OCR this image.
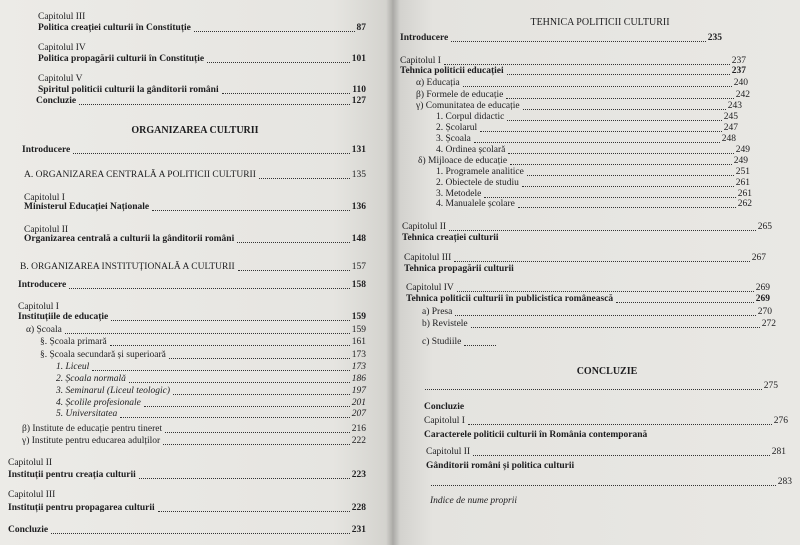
Capitolul III
Politica creației culturii în Constituție	87
Capitolul IV
Politica propagării culturii în Constituție	101
Capitolul V
Spiritul politicii culturii la gânditorii români	110
Concluzie	127
ORGANIZAREA CULTURII
Introducere	131
A. ORGANIZAREA CENTRALĂ A POLITICII CULTURII	135
Capitolul I
Ministerul Educației Naționale	136
Capitolul II
Organizarea centrală a culturii la gânditorii români	148
B. ORGANIZAREA INSTITUȚIONALĂ A CULTURII	157
Introducere	158
Capitolul I
Instituțiile de educație	159
α) Școala	159
§. Școala primară	161
§. Școala secundară și superioară	173
1. Liceul	173
2. Școala normală	186
3. Seminarul (Liceul teologic)	197
4. Școlile profesionale	201
5. Universitatea	207
β) Institute de educație pentru tineret	216
γ) Institute pentru educarea adulților	222
Capitolul II
Instituții pentru creația culturii	223
Capitolul III
Instituții pentru propagarea culturii	228
Concluzie	231
TEHNICA POLITICII CULTURII
Introducere	235
Capitolul I	237
Tehnica politicii educației	237
α) Educația	240
β) Formele de educație	242
γ) Comunitatea de educație	243
1. Corpul didactic	245
2. Școlarul	247
3. Școala	248
4. Ordinea școlară	249
δ) Mijloace de educație	249
1. Programele analitice	251
2. Obiectele de studiu	261
3. Metodele	261
4. Manualele școlare	262
Capitolul II	265
Tehnica creației culturii
Capitolul III	267
Tehnica propagării culturii
Capitolul IV	269
Tehnica politicii culturii în publicistica românească	269
a) Presa	270
b) Revistele	272
c) Studiile
CONCLUZIE
275
Concluzie
Capitolul I	276
Caracterele politicii culturii în România contemporană
Capitolul II	281
Gânditorii români și politica culturii
283
Indice de nume proprii
